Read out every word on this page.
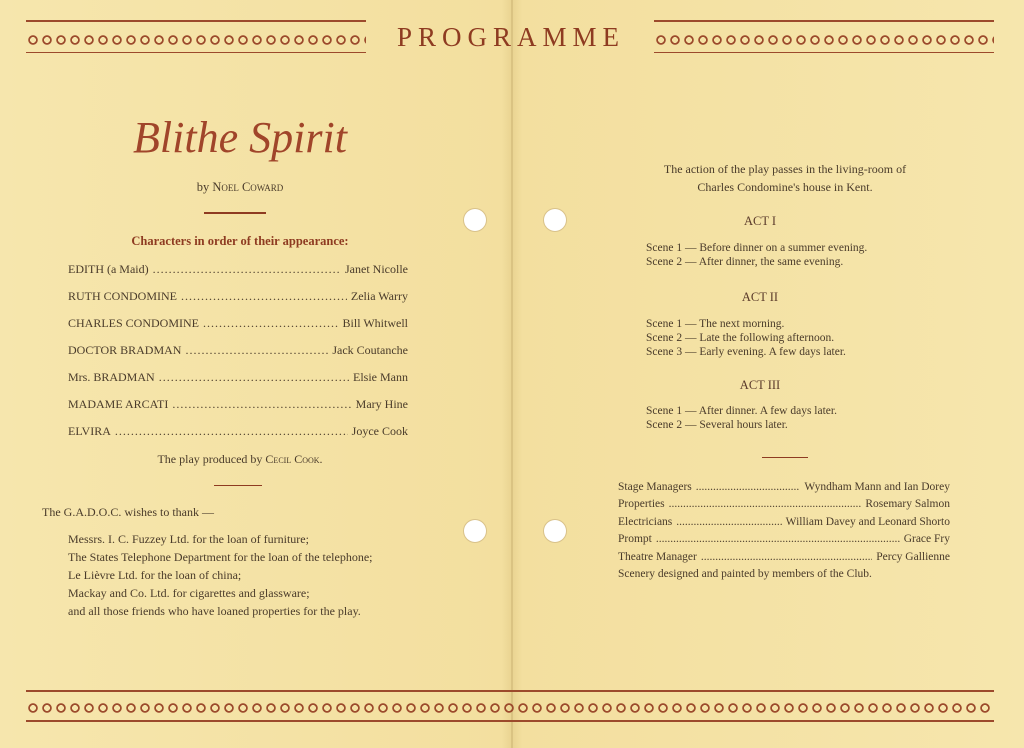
PROGRAMME
Blithe Spirit
by Noel Coward
Characters in order of their appearance:
EDITH (a Maid) .....	Janet Nicolle
RUTH CONDOMINE .....	Zelia Warry
CHARLES CONDOMINE .....	Bill Whitwell
DOCTOR BRADMAN .....	Jack Coutanche
Mrs. BRADMAN .....	Elsie Mann
MADAME ARCATI .....	Mary Hine
ELVIRA .....	Joyce Cook
The play produced by Cecil Cook.
The G.A.D.O.C. wishes to thank —
Messrs. I. C. Fuzzey Ltd. for the loan of furniture;
The States Telephone Department for the loan of the telephone;
Le Lièvre Ltd. for the loan of china;
Mackay and Co. Ltd. for cigarettes and glassware;
and all those friends who have loaned properties for the play.
The action of the play passes in the living-room of
Charles Condomine's house in Kent.
ACT I
Scene 1 — Before dinner on a summer evening.
Scene 2 — After dinner, the same evening.
ACT II
Scene 1 — The next morning.
Scene 2 — Late the following afternoon.
Scene 3 — Early evening. A few days later.
ACT III
Scene 1 — After dinner. A few days later.
Scene 2 — Several hours later.
Stage Managers .....	Wyndham Mann and Ian Dorey
Properties .....	Rosemary Salmon
Electricians .....	William Davey and Leonard Shorto
Prompt .....	Grace Fry
Theatre Manager .....	Percy Gallienne
Scenery designed and painted by members of the Club.
